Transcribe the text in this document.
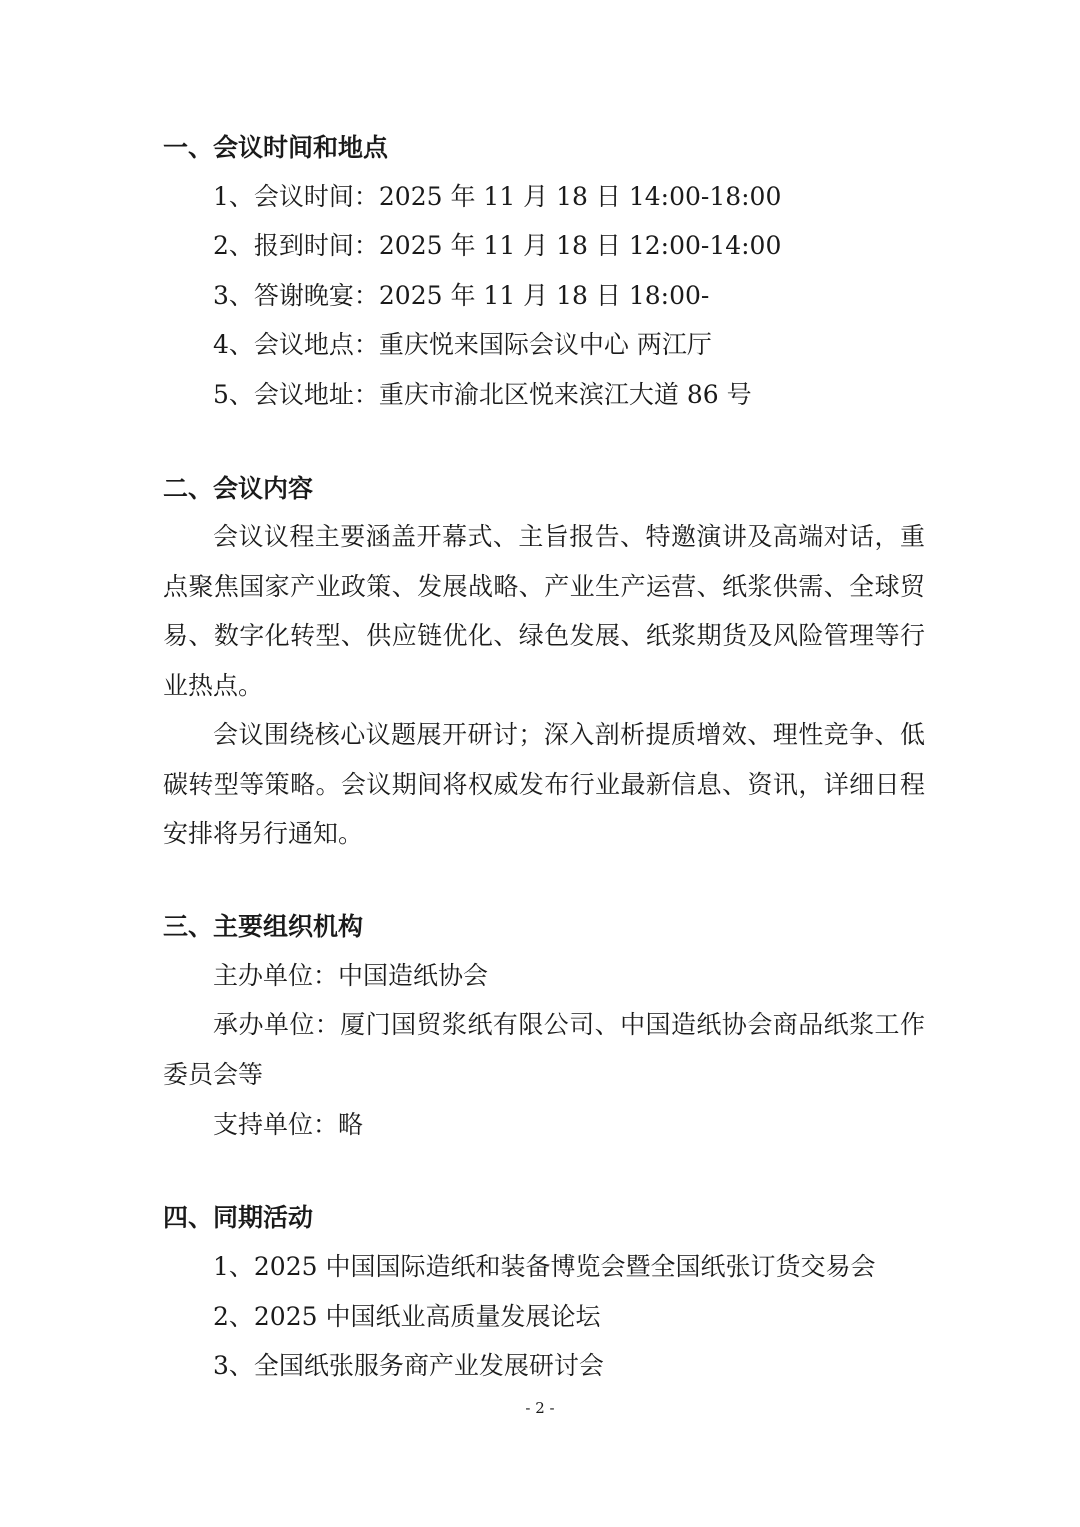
一、会议时间和地点
1、会议时间：2025 年 11 月 18 日 14:00-18:00
2、报到时间：2025 年 11 月 18 日 12:00-14:00
3、答谢晚宴：2025 年 11 月 18 日 18:00-
4、会议地点：重庆悦来国际会议中心 两江厅
5、会议地址：重庆市渝北区悦来滨江大道 86 号
二、会议内容

会议议程主要涵盖开幕式、主旨报告、特邀演讲及高端对话，重点聚焦国家产业政策、发展战略、产业生产运营、纸浆供需、全球贸易、数字化转型、供应链优化、绿色发展、纸浆期货及风险管理等行业热点。

会议围绕核心议题展开研讨；深入剖析提质增效、理性竞争、低碳转型等策略。会议期间将权威发布行业最新信息、资讯，详细日程安排将另行通知。

三、主要组织机构
主办单位：中国造纸协会

承办单位：厦门国贸浆纸有限公司、中国造纸协会商品纸浆工作委员会等

支持单位：略
四、同期活动
1、2025 中国国际造纸和装备博览会暨全国纸张订货交易会
2、2025 中国纸业高质量发展论坛
3、全国纸张服务商产业发展研讨会
- 2 -
